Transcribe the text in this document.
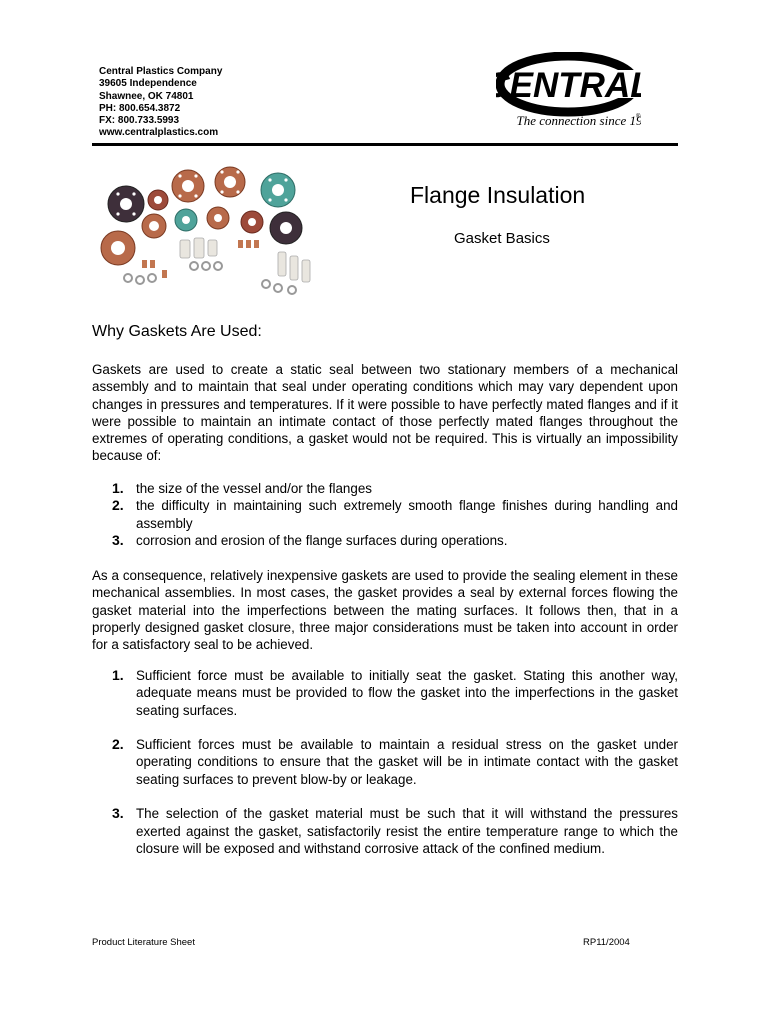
Central Plastics Company
39605 Independence
Shawnee, OK 74801
PH: 800.654.3872
FX: 800.733.5993
www.centralplastics.com
ENTRA
The connection since 1 ®
Flange Insulation
Gasket Basics
Why Gaskets Are Used:

Gaskets are used to create a static seal between two stationary members of a mechanical assembly and to maintain that seal under operating conditions which may vary dependent upon changes in pressures and temperatures. If it were possible to have perfectly mated flanges and if it were possible to maintain an intimate contact of those perfectly mated flanges throughout the extremes of operating conditions, a gasket would not be required. This is virtually an impossibility because of:

1. the size of the vessel and/or the flanges
2. the difficulty in maintaining such extremely smooth flange finishes during handling and assembly
3. corrosion and erosion of the flange surfaces during operations.

As a consequence, relatively inexpensive gaskets are used to provide the sealing element in these mechanical assemblies. In most cases, the gasket provides a seal by external forces flowing the gasket material into the imperfections between the mating surfaces. It follows then, that in a properly designed gasket closure, three major considerations must be taken into account in order for a satisfactory seal to be achieved.

1. Sufficient force must be available to initially seat the gasket. Stating this another way, adequate means must be provided to flow the gasket into the imperfections in the gasket seating surfaces.
2. Sufficient forces must be available to maintain a residual stress on the gasket under operating conditions to ensure that the gasket will be in intimate contact with the gasket seating surfaces to prevent blow-by or leakage.
3. The selection of the gasket material must be such that it will withstand the pressures exerted against the gasket, satisfactorily resist the entire temperature range to which the closure will be exposed and withstand corrosive attack of the confined medium.
Product Literature Sheet	RP11/2004
